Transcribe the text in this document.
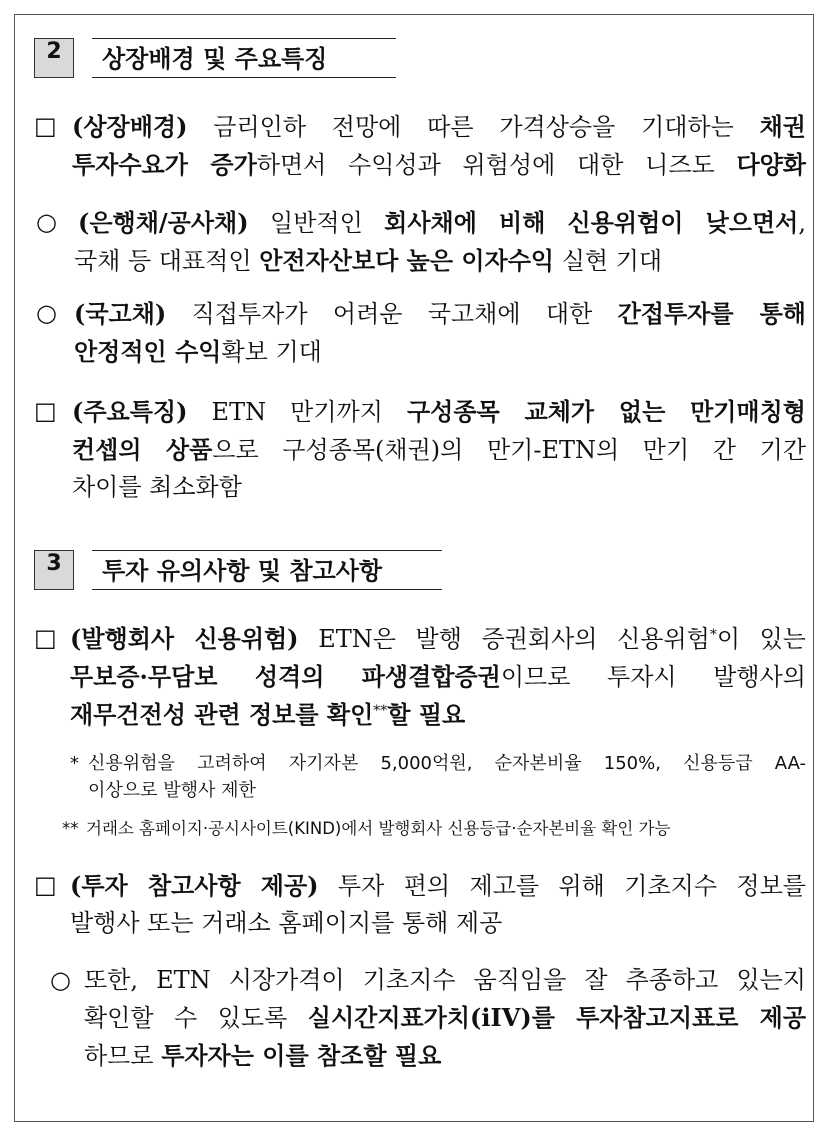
2	상장배경 및 주요특징
□ (상장배경) 금리인하 전망에 따른 가격상승을 기대하는 채권
투자수요가 증가하면서 수익성과 위험성에 대한 니즈도 다양화
○ (은행채/공사채) 일반적인 회사채에 비해 신용위험이 낮으면서,
국채 등 대표적인 안전자산보다 높은 이자수익 실현 기대
○ (국고채) 직접투자가 어려운 국고채에 대한 간접투자를 통해
안정적인 수익확보 기대
□ (주요특징) ETN 만기까지 구성종목 교체가 없는 만기매칭형
컨셉의 상품으로 구성종목(채권)의 만기-ETN의 만기 간 기간
차이를 최소화함
3	투자 유의사항 및 참고사항
□ (발행회사 신용위험) ETN은 발행 증권회사의 신용위험*이 있는
무보증·무담보 성격의 파생결합증권이므로 투자시 발행사의
재무건전성 관련 정보를 확인**할 필요
* 신용위험을 고려하여 자기자본 5,000억원, 순자본비율 150%, 신용등급 AA-
이상으로 발행사 제한
** 거래소 홈페이지·공시사이트(KIND)에서 발행회사 신용등급·순자본비율 확인 가능
□ (투자 참고사항 제공) 투자 편의 제고를 위해 기초지수 정보를
발행사 또는 거래소 홈페이지를 통해 제공
○ 또한, ETN 시장가격이 기초지수 움직임을 잘 추종하고 있는지
확인할 수 있도록 실시간지표가치(iIV)를 투자참고지표로 제공
하므로 투자자는 이를 참조할 필요
